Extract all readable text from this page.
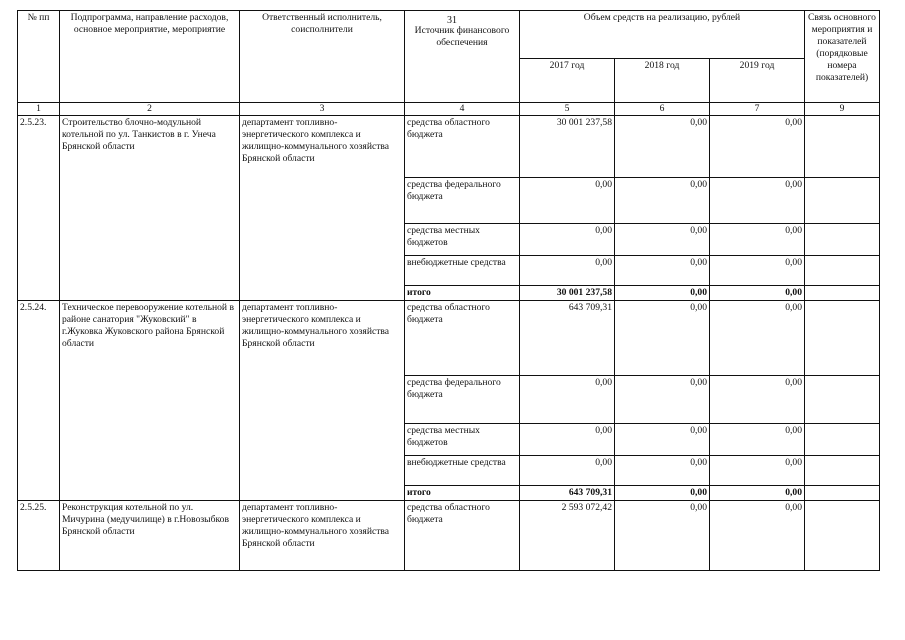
31
№ пп	Подпрограмма, направление расходов, основное мероприятие, мероприятие	Ответственный исполнитель, соисполнители	Источник финансового обеспечения	Объем средств на реализацию, рублей			Связь основного мероприятия и показателей (порядковые номера показателей)
				2017 год	2018 год	2019 год	
1	2	3	4	5	6	7	9
2.5.23.	Строительство блочно-модульной котельной по ул. Танкистов в г. Унеча Брянской области	департамент топливно-энергетического комплекса и жилищно-коммунального хозяйства Брянской области	средства областного бюджета	30 001 237,58	0,00	0,00	
			средства федерального бюджета	0,00	0,00	0,00	
			средства местных бюджетов	0,00	0,00	0,00	
			внебюджетные средства	0,00	0,00	0,00	
			итого	30 001 237,58	0,00	0,00	
2.5.24.	Техническое перевооружение котельной в районе санатория "Жуковский" в г.Жуковка Жуковского района Брянской области	департамент топливно-энергетического комплекса и жилищно-коммунального хозяйства Брянской области	средства областного бюджета	643 709,31	0,00	0,00	
			средства федерального бюджета	0,00	0,00	0,00	
			средства местных бюджетов	0,00	0,00	0,00	
			внебюджетные средства	0,00	0,00	0,00	
			итого	643 709,31	0,00	0,00	
2.5.25.	Реконструкция котельной по ул. Мичурина (медучилище) в г.Новозыбков Брянской области	департамент топливно-энергетического комплекса и жилищно-коммунального хозяйства Брянской области	средства областного бюджета	2 593 072,42	0,00	0,00	
